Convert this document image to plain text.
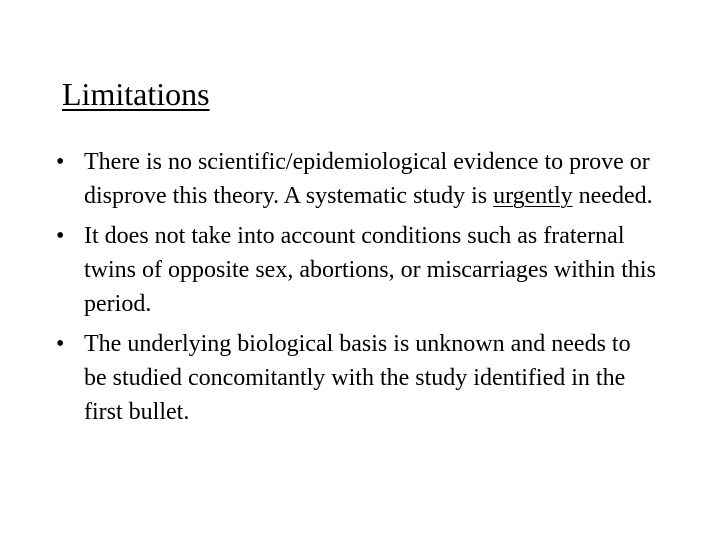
Limitations
• There is no scientific/epidemiological evidence to prove or disprove this theory. A systematic study is urgently needed.
• It does not take into account conditions such as fraternal twins of opposite sex, abortions, or miscarriages within this period.
• The underlying biological basis is unknown and needs to be studied concomitantly with the study identified in the first bullet.
